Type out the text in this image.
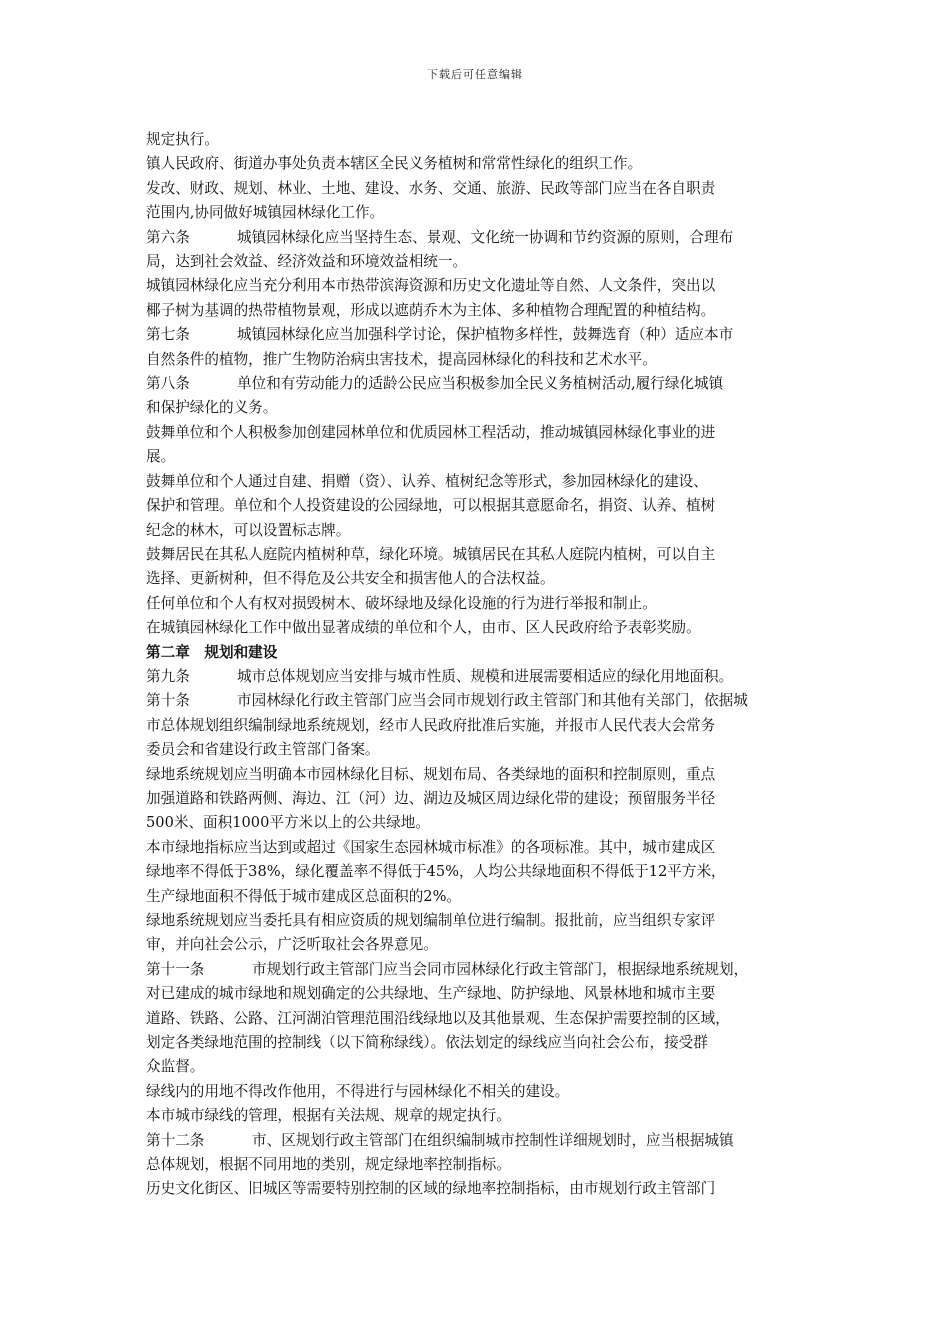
下载后可任意编辑

规定执行。

镇人民政府、街道办事处负责本辖区全民义务植树和常常性绿化的组织工作。

发改、财政、规划、林业、土地、建设、水务、交通、旅游、民政等部门应当在各自职责

范围内,协同做好城镇园林绿化工作。

第六条	城镇园林绿化应当坚持生态、景观、文化统一协调和节约资源的原则，合理布

局，达到社会效益、经济效益和环境效益相统一。

城镇园林绿化应当充分利用本市热带滨海资源和历史文化遗址等自然、人文条件，突出以

椰子树为基调的热带植物景观，形成以遮荫乔木为主体、多种植物合理配置的种植结构。

第七条	城镇园林绿化应当加强科学讨论，保护植物多样性，鼓舞选育（种）适应本市

自然条件的植物，推广生物防治病虫害技术，提高园林绿化的科技和艺术水平。

第八条	单位和有劳动能力的适龄公民应当积极参加全民义务植树活动,履行绿化城镇

和保护绿化的义务。

鼓舞单位和个人积极参加创建园林单位和优质园林工程活动，推动城镇园林绿化事业的进

展。

鼓舞单位和个人通过自建、捐赠（资）、认养、植树纪念等形式，参加园林绿化的建设、

保护和管理。单位和个人投资建设的公园绿地，可以根据其意愿命名，捐资、认养、植树

纪念的林木，可以设置标志牌。

鼓舞居民在其私人庭院内植树种草，绿化环境。城镇居民在其私人庭院内植树，可以自主

选择、更新树种，但不得危及公共安全和损害他人的合法权益。

任何单位和个人有权对损毁树木、破坏绿地及绿化设施的行为进行举报和制止。

在城镇园林绿化工作中做出显著成绩的单位和个人，由市、区人民政府给予表彰奖励。

第二章　规划和建设

第九条	城市总体规划应当安排与城市性质、规模和进展需要相适应的绿化用地面积。

第十条	市园林绿化行政主管部门应当会同市规划行政主管部门和其他有关部门，依据城

市总体规划组织编制绿地系统规划，经市人民政府批准后实施，并报市人民代表大会常务

委员会和省建设行政主管部门备案。

绿地系统规划应当明确本市园林绿化目标、规划布局、各类绿地的面积和控制原则，重点

加强道路和铁路两侧、海边、江（河）边、湖边及城区周边绿化带的建设；预留服务半径

500米、面积1000平方米以上的公共绿地。

本市绿地指标应当达到或超过《国家生态园林城市标准》的各项标准。其中，城市建成区

绿地率不得低于38%，绿化覆盖率不得低于45%，人均公共绿地面积不得低于12平方米，

生产绿地面积不得低于城市建成区总面积的2%。

绿地系统规划应当委托具有相应资质的规划编制单位进行编制。报批前，应当组织专家评

审，并向社会公示，广泛听取社会各界意见。

第十一条	市规划行政主管部门应当会同市园林绿化行政主管部门，根据绿地系统规划，

对已建成的城市绿地和规划确定的公共绿地、生产绿地、防护绿地、风景林地和城市主要

道路、铁路、公路、江河湖泊管理范围沿线绿地以及其他景观、生态保护需要控制的区域，

划定各类绿地范围的控制线（以下简称绿线）。依法划定的绿线应当向社会公布，接受群

众监督。

绿线内的用地不得改作他用，不得进行与园林绿化不相关的建设。

本市城市绿线的管理，根据有关法规、规章的规定执行。

第十二条	市、区规划行政主管部门在组织编制城市控制性详细规划时，应当根据城镇

总体规划，根据不同用地的类别，规定绿地率控制指标。

历史文化街区、旧城区等需要特别控制的区域的绿地率控制指标，由市规划行政主管部门
